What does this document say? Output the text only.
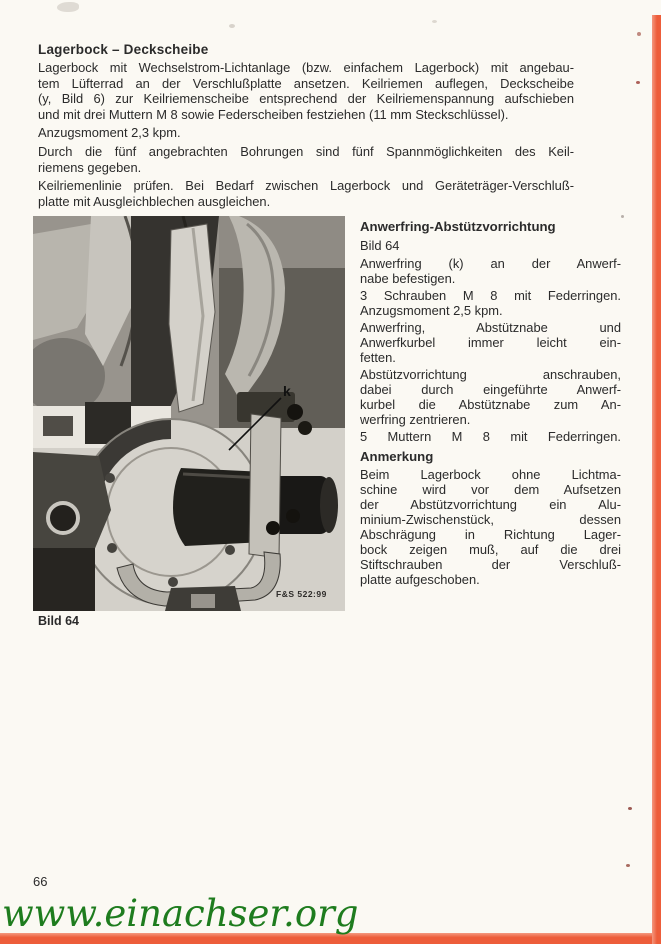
Lagerbock – Deckscheibe
Lagerbock mit Wechselstrom-Lichtanlage (bzw. einfachem Lagerbock) mit angebau-
tem Lüfterrad an der Verschlußplatte ansetzen. Keilriemen auflegen, Deckscheibe
(y, Bild 6) zur Keilriemenscheibe entsprechend der Keilriemenspannung aufschieben
und mit drei Muttern M 8 sowie Federscheiben festziehen (11 mm Steckschlüssel).
Anzugsmoment 2,3 kpm.
Durch die fünf angebrachten Bohrungen sind fünf Spannmöglichkeiten des Keil-
riemens gegeben.
Keilriemenlinie prüfen. Bei Bedarf zwischen Lagerbock und Geräteträger-Verschluß-
platte mit Ausgleichblechen ausgleichen.
k
F&S 522:99
Bild 64
Anwerfring-Abstützvorrichtung
Bild 64
Anwerfring (k) an der Anwerf-
nabe befestigen.
3 Schrauben M 8 mit Federringen.
Anzugsmoment 2,5 kpm.
Anwerfring, Abstütznabe und
Anwerfkurbel immer leicht ein-
fetten.
Abstützvorrichtung anschrauben,
dabei durch eingeführte Anwerf-
kurbel die Abstütznabe zum An-
werfring zentrieren.
5 Muttern M 8 mit Federringen.
Anmerkung
Beim Lagerbock ohne Lichtma-
schine wird vor dem Aufsetzen
der Abstützvorrichtung ein Alu-
minium-Zwischenstück, dessen
Abschrägung in Richtung Lager-
bock zeigen muß, auf die drei
Stiftschrauben der Verschluß-
platte aufgeschoben.
66
www.einachser.org
